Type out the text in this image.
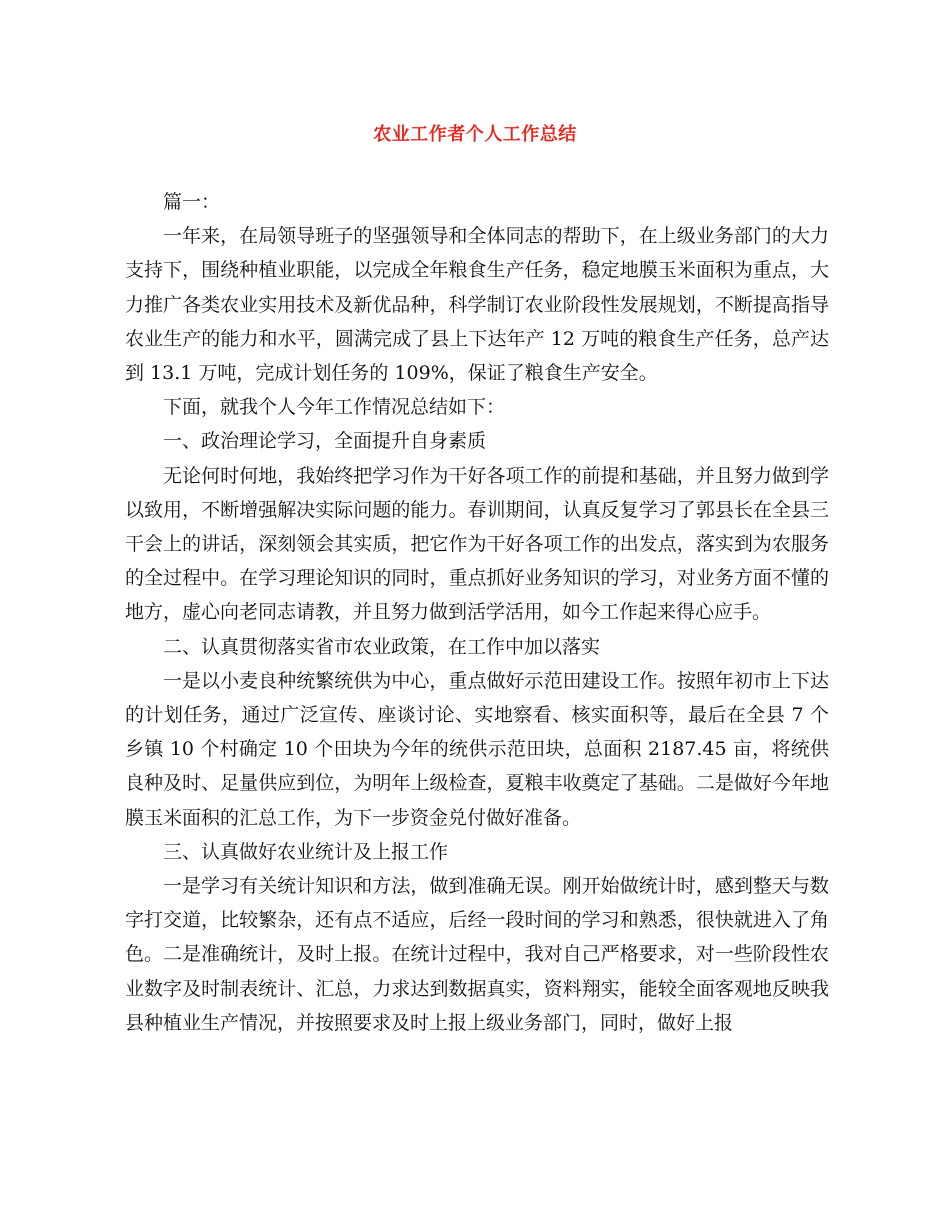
农业工作者个人工作总结

篇一：

一年来，在局领导班子的坚强领导和全体同志的帮助下，在上级业务部门的大力支持下，围绕种植业职能，以完成全年粮食生产任务，稳定地膜玉米面积为重点，大力推广各类农业实用技术及新优品种，科学制订农业阶段性发展规划，不断提高指导农业生产的能力和水平，圆满完成了县上下达年产 12 万吨的粮食生产任务，总产达到 13.1 万吨，完成计划任务的 109%，保证了粮食生产安全。

下面，就我个人今年工作情况总结如下：

一、政治理论学习，全面提升自身素质

无论何时何地，我始终把学习作为干好各项工作的前提和基础，并且努力做到学以致用，不断增强解决实际问题的能力。春训期间，认真反复学习了郭县长在全县三干会上的讲话，深刻领会其实质，把它作为干好各项工作的出发点，落实到为农服务的全过程中。在学习理论知识的同时，重点抓好业务知识的学习，对业务方面不懂的地方，虚心向老同志请教，并且努力做到活学活用，如今工作起来得心应手。

二、认真贯彻落实省市农业政策，在工作中加以落实

一是以小麦良种统繁统供为中心，重点做好示范田建设工作。按照年初市上下达的计划任务，通过广泛宣传、座谈讨论、实地察看、核实面积等，最后在全县 7 个乡镇 10 个村确定 10 个田块为今年的统供示范田块，总面积 2187.45 亩，将统供良种及时、足量供应到位，为明年上级检查，夏粮丰收奠定了基础。二是做好今年地膜玉米面积的汇总工作，为下一步资金兑付做好准备。

三、认真做好农业统计及上报工作

一是学习有关统计知识和方法，做到准确无误。刚开始做统计时，感到整天与数字打交道，比较繁杂，还有点不适应，后经一段时间的学习和熟悉，很快就进入了角色。二是准确统计，及时上报。在统计过程中，我对自己严格要求，对一些阶段性农业数字及时制表统计、汇总，力求达到数据真实，资料翔实，能较全面客观地反映我县种植业生产情况，并按照要求及时上报上级业务部门，同时，做好上报
